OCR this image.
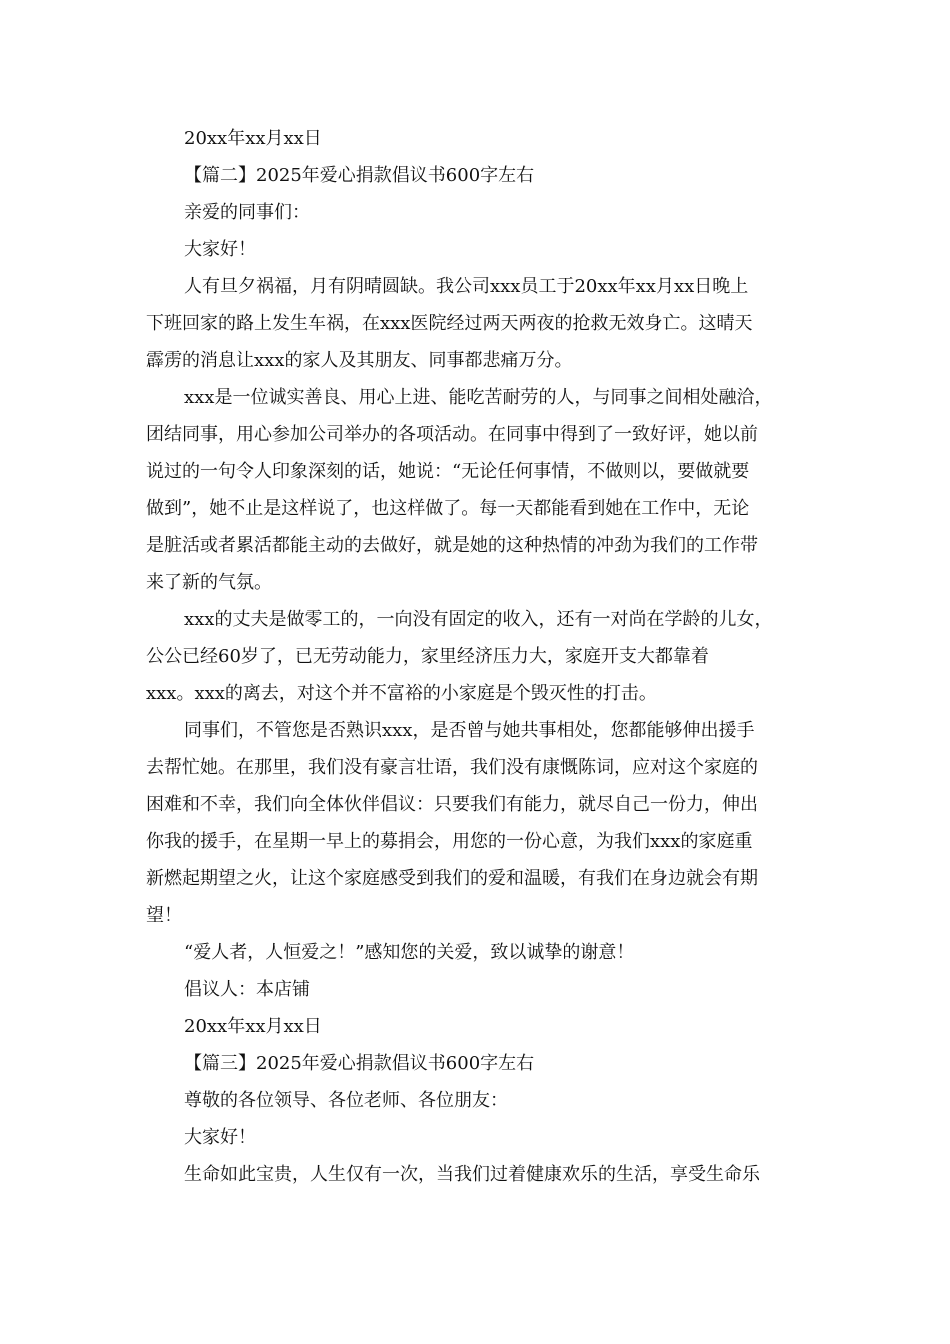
20xx年xx月xx日
【篇二】2025年爱心捐款倡议书600字左右
亲爱的同事们：
大家好！
人有旦夕祸福，月有阴晴圆缺。我公司xxx员工于20xx年xx月xx日晚上
下班回家的路上发生车祸，在xxx医院经过两天两夜的抢救无效身亡。这晴天
霹雳的消息让xxx的家人及其朋友、同事都悲痛万分。
xxx是一位诚实善良、用心上进、能吃苦耐劳的人，与同事之间相处融洽，
团结同事，用心参加公司举办的各项活动。在同事中得到了一致好评，她以前
说过的一句令人印象深刻的话，她说：“无论任何事情，不做则以，要做就要
做到”，她不止是这样说了，也这样做了。每一天都能看到她在工作中，无论
是脏活或者累活都能主动的去做好，就是她的这种热情的冲劲为我们的工作带
来了新的气氛。
xxx的丈夫是做零工的，一向没有固定的收入，还有一对尚在学龄的儿女，
公公已经60岁了，已无劳动能力，家里经济压力大，家庭开支大都靠着
xxx。xxx的离去，对这个并不富裕的小家庭是个毁灭性的打击。
同事们，不管您是否熟识xxx，是否曾与她共事相处，您都能够伸出援手
去帮忙她。在那里，我们没有豪言壮语，我们没有康慨陈词，应对这个家庭的
困难和不幸，我们向全体伙伴倡议：只要我们有能力，就尽自己一份力，伸出
你我的援手，在星期一早上的募捐会，用您的一份心意，为我们xxx的家庭重
新燃起期望之火，让这个家庭感受到我们的爱和温暖，有我们在身边就会有期
望！
“爱人者，人恒爱之！”感知您的关爱，致以诚挚的谢意！
倡议人：本店铺
20xx年xx月xx日
【篇三】2025年爱心捐款倡议书600字左右
尊敬的各位领导、各位老师、各位朋友：
大家好！
生命如此宝贵，人生仅有一次，当我们过着健康欢乐的生活，享受生命乐
